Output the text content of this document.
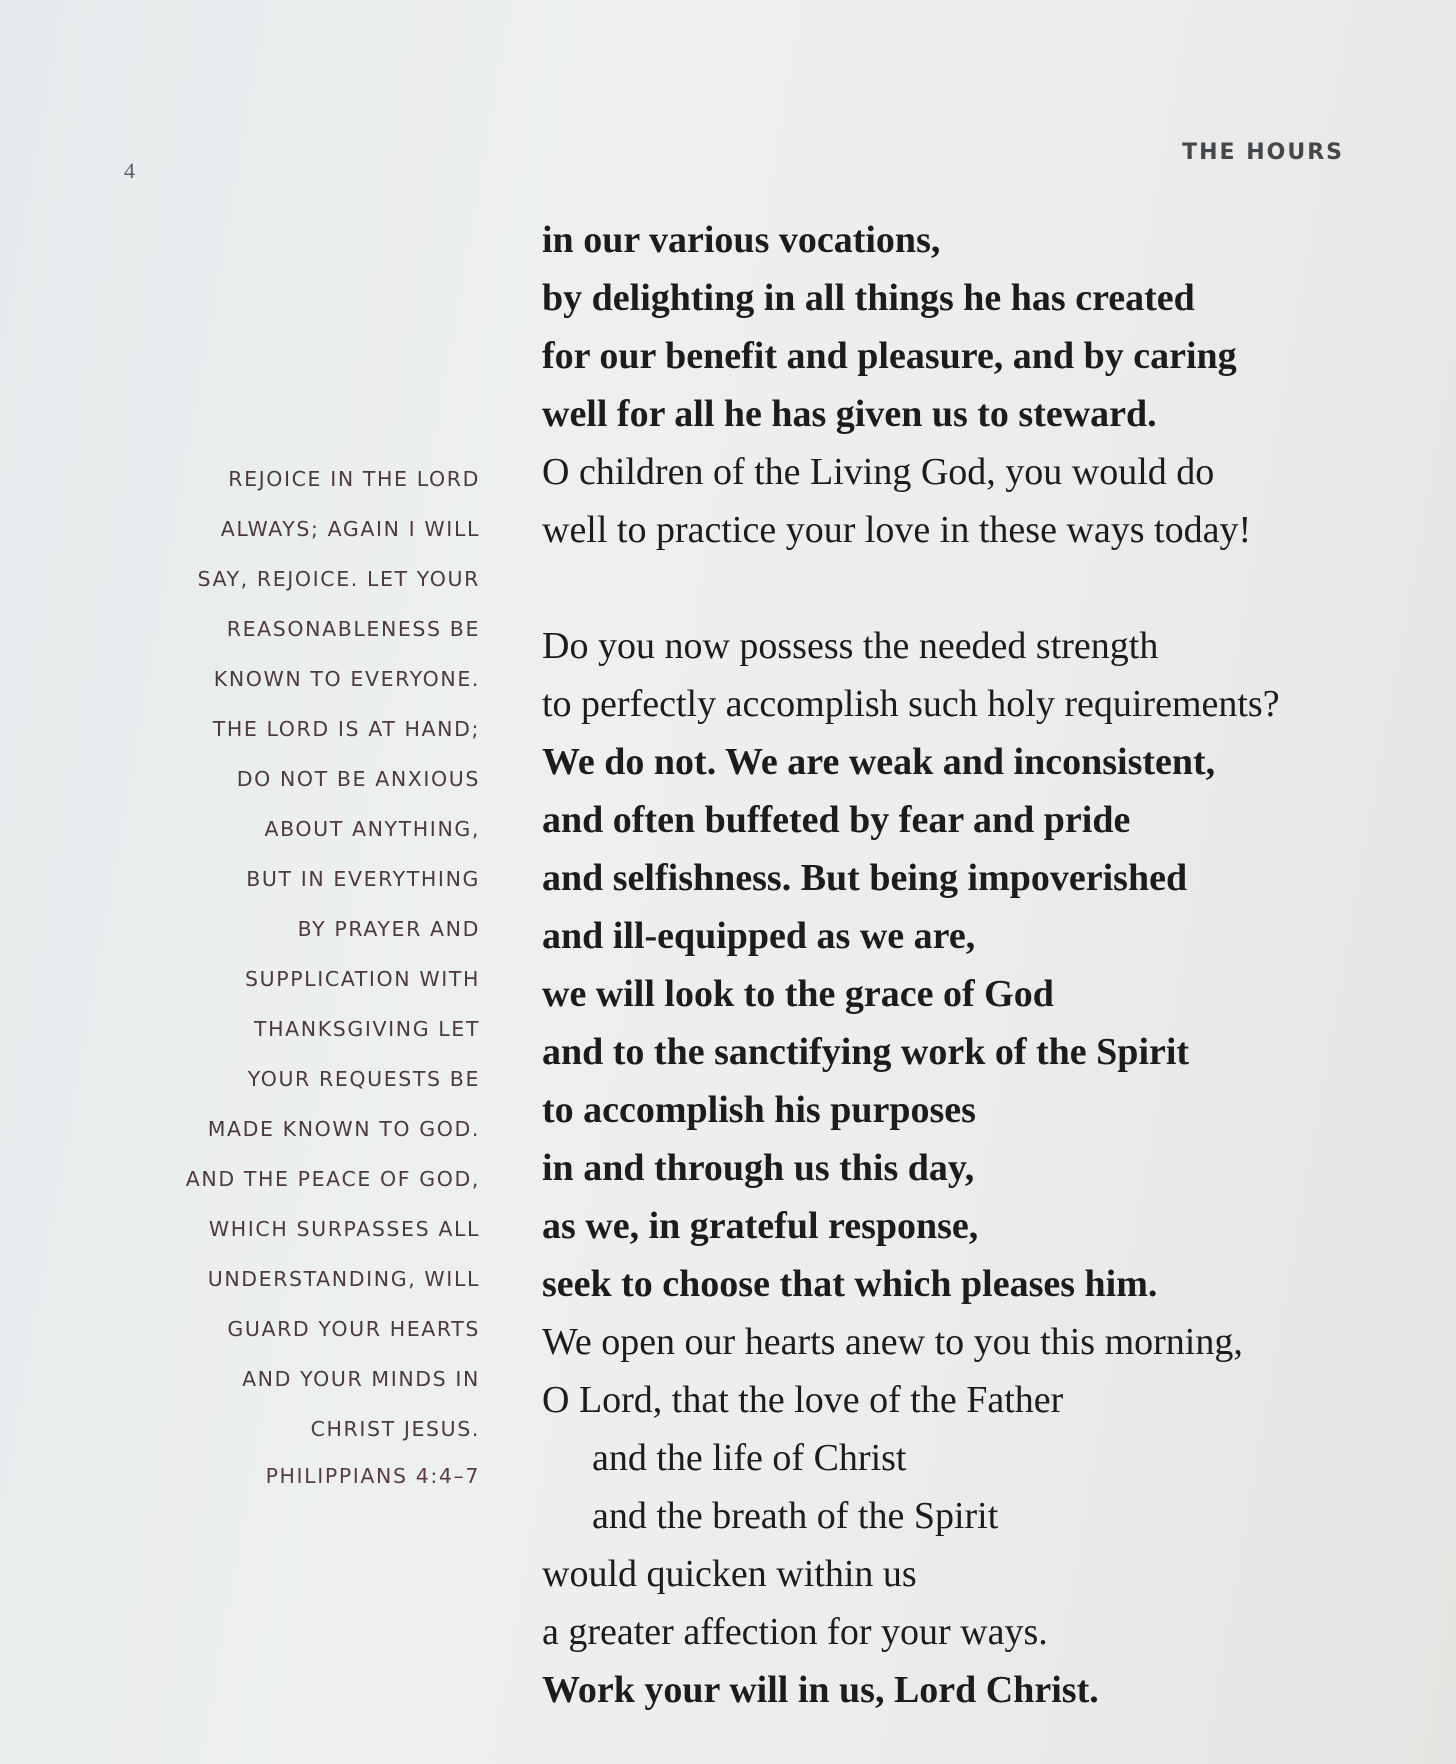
4
THE HOURS
REJOICE IN THE LORD
ALWAYS; AGAIN I WILL
SAY, REJOICE. LET YOUR
REASONABLENESS BE
KNOWN TO EVERYONE.
THE LORD IS AT HAND;
DO NOT BE ANXIOUS
ABOUT ANYTHING,
BUT IN EVERYTHING
BY PRAYER AND
SUPPLICATION WITH
THANKSGIVING LET
YOUR REQUESTS BE
MADE KNOWN TO GOD.
AND THE PEACE OF GOD,
WHICH SURPASSES ALL
UNDERSTANDING, WILL
GUARD YOUR HEARTS
AND YOUR MINDS IN
CHRIST JESUS.
PHILIPPIANS 4:4–7
in our various vocations,
by delighting in all things he has created
for our benefit and pleasure, and by caring
well for all he has given us to steward.
O children of the Living God, you would do
well to practice your love in these ways today!
Do you now possess the needed strength
to perfectly accomplish such holy requirements?
We do not. We are weak and inconsistent,
and often buffeted by fear and pride
and selfishness. But being impoverished
and ill-equipped as we are,
we will look to the grace of God
and to the sanctifying work of the Spirit
to accomplish his purposes
in and through us this day,
as we, in grateful response,
seek to choose that which pleases him.
We open our hearts anew to you this morning,
O Lord, that the love of the Father
and the life of Christ
and the breath of the Spirit
would quicken within us
a greater affection for your ways.
Work your will in us, Lord Christ.
